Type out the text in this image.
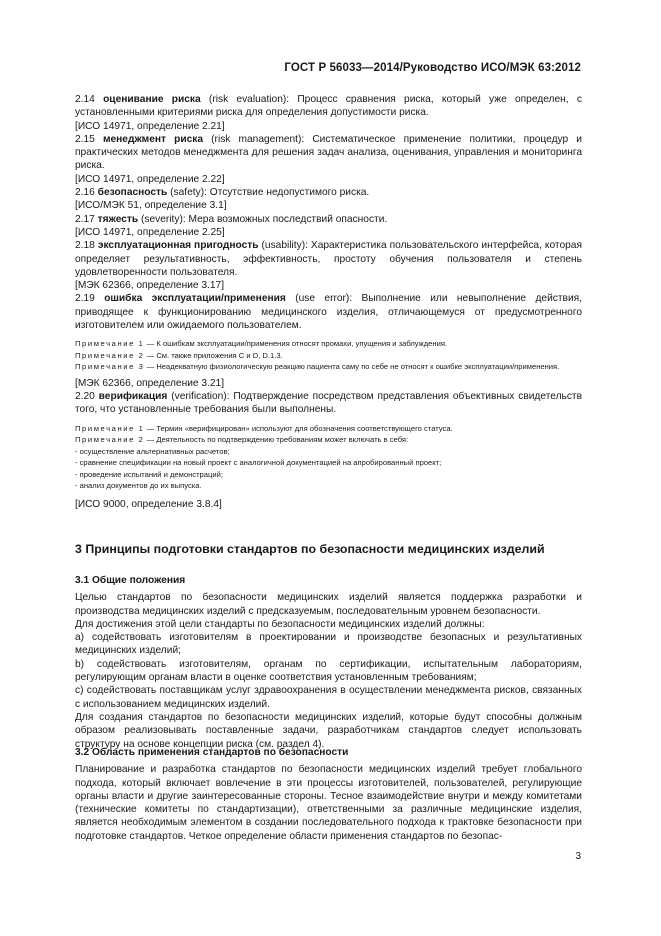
ГОСТ Р 56033—2014/Руководство ИСО/МЭК 63:2012

2.14 оценивание риска (risk evaluation): Процесс сравнения риска, который уже определен, с установленными критериями риска для определения допустимости риска.

[ИСО 14971, определение 2.21]

2.15 менеджмент риска (risk management): Систематическое применение политики, процедур и практических методов менеджмента для решения задач анализа, оценивания, управления и мониторинга риска.

[ИСО 14971, определение 2.22]

2.16 безопасность (safety): Отсутствие недопустимого риска.

[ИСО/МЭК 51, определение 3.1]

2.17 тяжесть (severity): Мера возможных последствий опасности.

[ИСО 14971, определение 2.25]

2.18 эксплуатационная пригодность (usability): Характеристика пользовательского интерфейса, которая определяет результативность, эффективность, простоту обучения пользователя и степень удовлетворенности пользователя.

[МЭК 62366, определение 3.17]

2.19 ошибка эксплуатации/применения (use error): Выполнение или невыполнение действия, приводящее к функционированию медицинского изделия, отличающемуся от предусмотренного изготовителем или ожидаемого пользователем.

Примечание 1 — К ошибкам эксплуатации/применения относят промахи, упущения и заблуждения.

Примечание 2 — См. также приложения С и D, D.1.3.

Примечание 3 — Неадекватную физиологическую реакцию пациента саму по себе не относят к ошибке эксплуатации/применения.

[МЭК 62366, определение 3.21]

2.20 верификация (verification): Подтверждение посредством представления объективных свидетельств того, что установленные требования были выполнены.

Примечание 1 — Термин «верифицирован» используют для обозначения соответствующего статуса.

Примечание 2 — Деятельность по подтверждению требованиям может включать в себя:

- осуществление альтернативных расчетов;

- сравнение спецификации на новый проект с аналогичной документацией на апробированный проект;

- проведение испытаний и демонстраций;

- анализ документов до их выпуска.

[ИСО 9000, определение 3.8.4]

3 Принципы подготовки стандартов по безопасности медицинских изделий

3.1 Общие положения

Целью стандартов по безопасности медицинских изделий является поддержка разработки и производства медицинских изделий с предсказуемым, последовательным уровнем безопасности.

Для достижения этой цели стандарты по безопасности медицинских изделий должны:

а) содействовать изготовителям в проектировании и производстве безопасных и результативных медицинских изделий;

b) содействовать изготовителям, органам по сертификации, испытательным лабораториям, регулирующим органам власти в оценке соответствия установленным требованиям;

с) содействовать поставщикам услуг здравоохранения в осуществлении менеджмента рисков, связанных с использованием медицинских изделий.

Для создания стандартов по безопасности медицинских изделий, которые будут способны должным образом реализовывать поставленные задачи, разработчикам стандартов следует использовать структуру на основе концепции риска (см. раздел 4).

3.2 Область применения стандартов по безопасности

Планирование и разработка стандартов по безопасности медицинских изделий требует глобального подхода, который включает вовлечение в эти процессы изготовителей, пользователей, регулирующие органы власти и другие заинтересованные стороны. Тесное взаимодействие внутри и между комитетами (технические комитеты по стандартизации), ответственными за различные медицинские изделия, является необходимым элементом в создании последовательного подхода к трактовке безопасности при подготовке стандартов. Четкое определение области применения стандартов по безопас-

3
